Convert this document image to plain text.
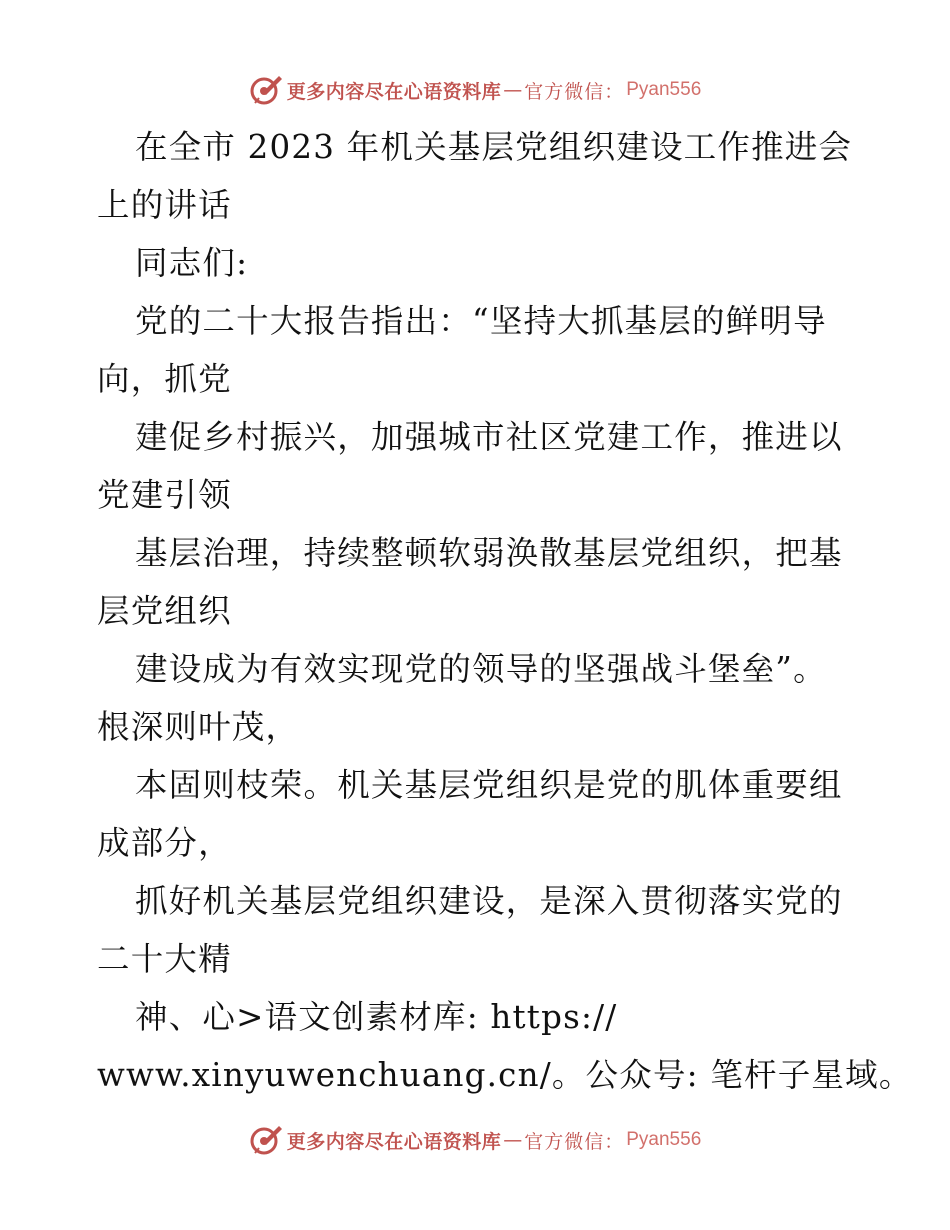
更多内容尽在心语资料库 — 官方微信： Pyan556
在全市 2023 年机关基层党组织建设工作推进会
上的讲话
同志们:
党的二十大报告指出：“坚持大抓基层的鲜明导
向，抓党
建促乡村振兴，加强城市社区党建工作，推进以
党建引领
基层治理，持续整顿软弱涣散基层党组织，把基
层党组织
建设成为有效实现党的领导的坚强战斗堡垒”。
根深则叶茂，
本固则枝荣。机关基层党组织是党的肌体重要组
成部分，
抓好机关基层党组织建设，是深入贯彻落实党的
二十大精
神、心>语文创素材库: https://
www.xinyuwenchuang.cn/。公众号: 笔杆子星域。
更多内容尽在心语资料库 — 官方微信： Pyan556
